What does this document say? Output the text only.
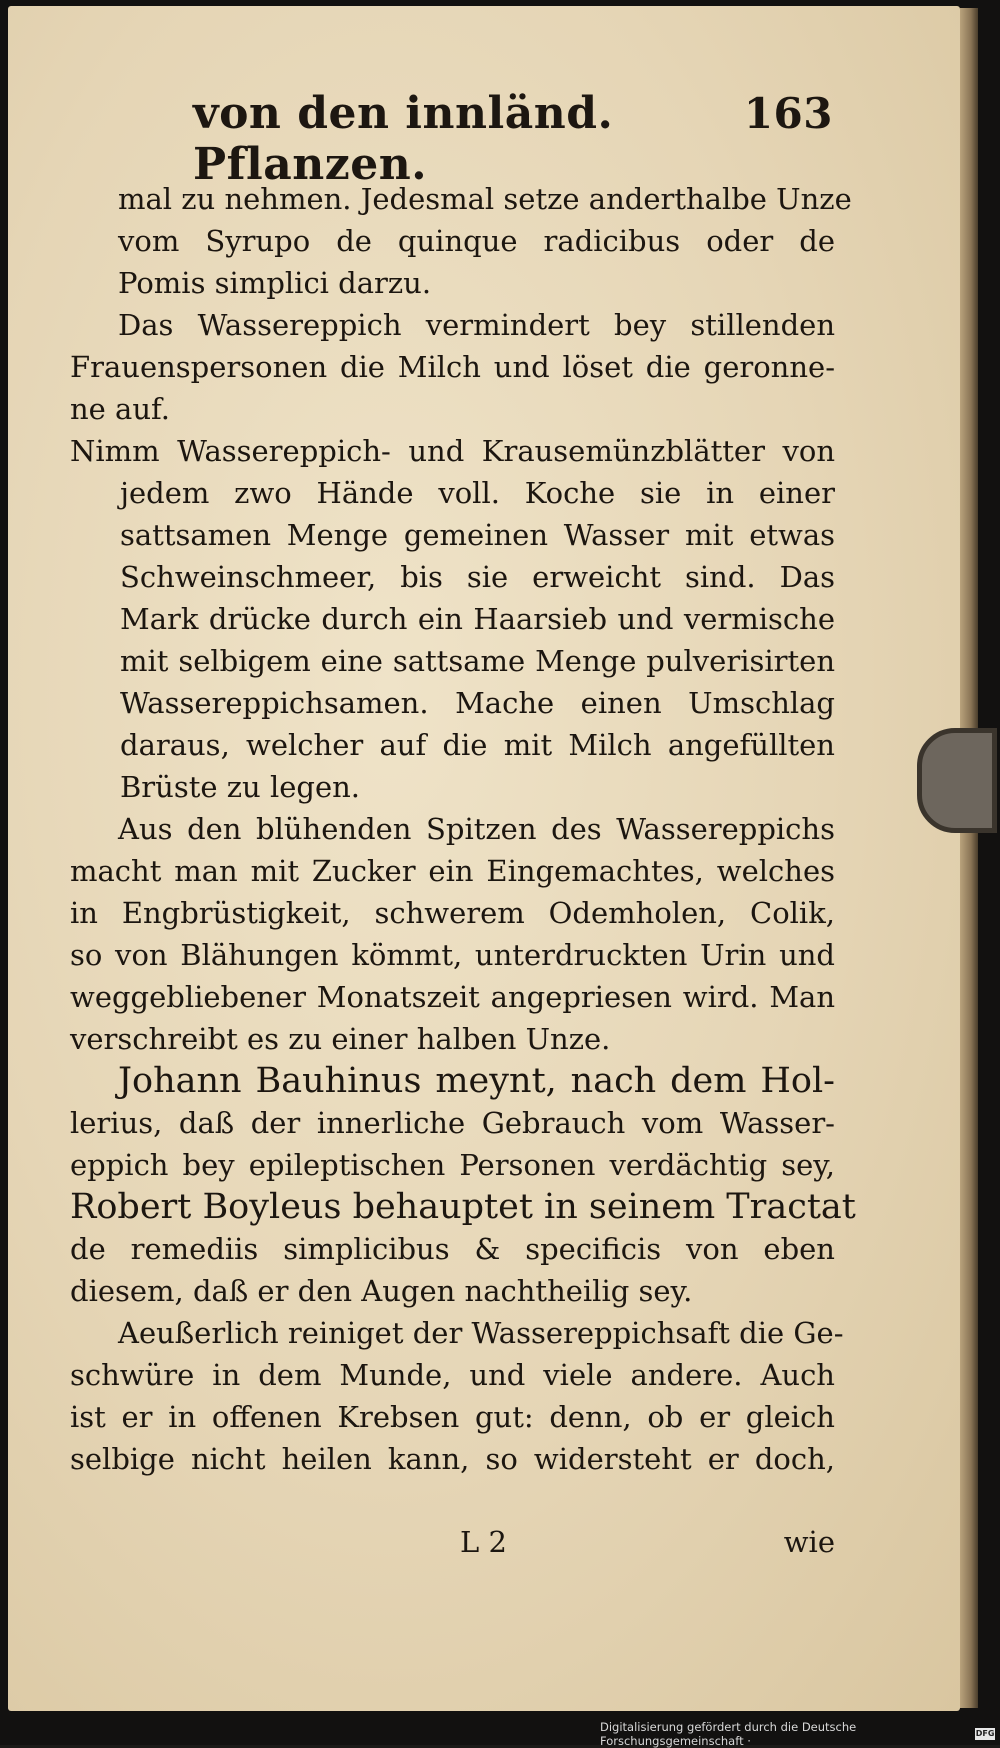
von den innländ. Pflanzen.
163
mal zu nehmen. Jedesmal setze anderthalbe Unze
vom Syrupo de quinque radicibus oder de
Pomis simplici darzu.
Das Wassereppich vermindert bey stillenden
Frauenspersonen die Milch und löset die geronne-
ne auf.
Nimm Wassereppich- und Krausemünzblätter von
jedem zwo Hände voll. Koche sie in einer
sattsamen Menge gemeinen Wasser mit etwas
Schweinschmeer, bis sie erweicht sind. Das
Mark drücke durch ein Haarsieb und vermische
mit selbigem eine sattsame Menge pulverisirten
Wassereppichsamen. Mache einen Umschlag
daraus, welcher auf die mit Milch angefüllten
Brüste zu legen.
Aus den blühenden Spitzen des Wassereppichs
macht man mit Zucker ein Eingemachtes, welches
in Engbrüstigkeit, schwerem Odemholen, Colik,
so von Blähungen kömmt, unterdruckten Urin und
weggebliebener Monatszeit angepriesen wird. Man
verschreibt es zu einer halben Unze.
Johann Bauhinus meynt, nach dem Hol-
lerius, daß der innerliche Gebrauch vom Wasser-
eppich bey epileptischen Personen verdächtig sey,
Robert Boyleus behauptet in seinem Tractat
de remediis simplicibus & specificis von eben
diesem, daß er den Augen nachtheilig sey.
Aeußerlich reiniget der Wassereppichsaft die Ge-
schwüre in dem Munde, und viele andere. Auch
ist er in offenen Krebsen gut: denn, ob er gleich
selbige nicht heilen kann, so widersteht er doch,
L 2	wie
Digitalisierung gefördert durch die Deutsche Forschungsgemeinschaft ·
DFG
